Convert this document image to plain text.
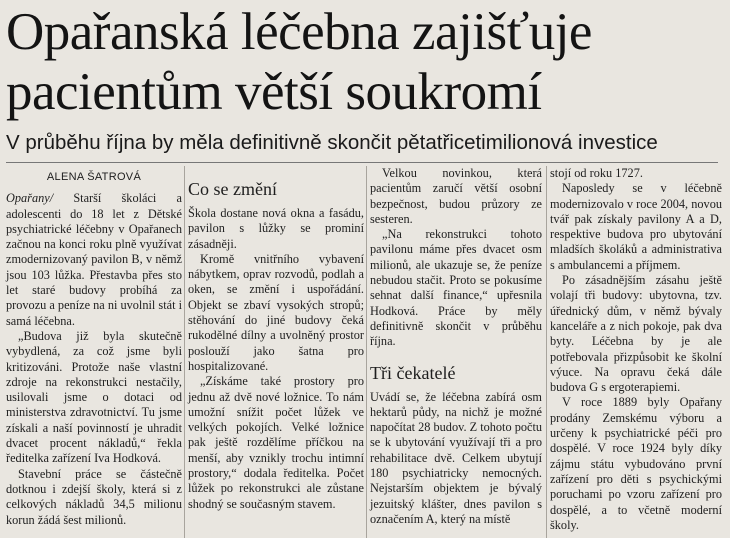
Opařanská léčebna zajišťuje
pacientům větší soukromí

V průběhu října by měla definitivně skončit pětatřicetimilionová investice

ALENA ŠATROVÁ

Opařany/ Starší školáci a adolescenti do 18 let z Dětské psychiatrické léčebny v Opařanech začnou na konci roku plně využívat zmodernizovaný pavilon B, v němž jsou 103 lůžka. Přestavba přes sto let staré budovy probíhá za provozu a peníze na ni uvolnil stát i samá léčebna.

„Budova již byla skutečně vybydlená, za což jsme byli kritizováni. Protože naše vlastní zdroje na rekonstrukci nestačily, usilovali jsme o dotaci od ministerstva zdravotnictví. Tu jsme získali a naší povinností je uhradit dvacet procent nákladů,“ řekla ředitelka zařízení Iva Hodková.

Stavební práce se částečně dotknou i zdejší školy, která si z celkových nákladů 34,5 milionu korun žádá šest milionů.

Co se změní

Škola dostane nová okna a fasádu, pavilon s lůžky se prominí zásadněji.

Kromě vnitřního vybavení nábytkem, oprav rozvodů, podlah a oken, se změní i uspořádání. Objekt se zbaví vysokých stropů; stěhování do jiné budovy čeká rukodělné dílny a uvolněný prostor poslouží jako šatna pro hospitalizované.

„Získáme také prostory pro jednu až dvě nové ložnice. To nám umožní snížit počet lůžek ve velkých pokojích. Velké ložnice pak ještě rozdělíme příčkou na menší, aby vznikly trochu intimní prostory,“ dodala ředitelka. Počet lůžek po rekonstrukci ale zůstane shodný se současným stavem.

Velkou novinkou, která pacientům zaručí větší osobní bezpečnost, budou průzory ze sesteren.

„Na rekonstrukci tohoto pavilonu máme přes dvacet osm milionů, ale ukazuje se, že peníze nebudou stačit. Proto se pokusíme sehnat další finance,“ upřesnila Hodková. Práce by měly definitivně skončit v průběhu října.

Tři čekatelé

Uvádí se, že léčebna zabírá osm hektarů půdy, na nichž je možné napočítat 28 budov. Z tohoto počtu se k ubytování využívají tři a pro rehabilitace dvě. Celkem ubytují 180 psychiatricky nemocných. Nejstarším objektem je bývalý jezuitský klášter, dnes pavilon s označením A, který na místě

stojí od roku 1727.

Naposledy se v léčebně modernizovalo v roce 2004, novou tvář pak získaly pavilony A a D, respektive budova pro ubytování mladších školáků a administrativa s ambulancemi a příjmem.

Po zásadnějším zásahu ještě volají tři budovy: ubytovna, tzv. úřednický dům, v němž bývaly kanceláře a z nich pokoje, pak dva byty. Léčebna by je ale potřebovala přizpůsobit ke školní výuce. Na opravu čeká dále budova G s ergoterapiemi.

V roce 1889 byly Opařany prodány Zemskému výboru a určeny k psychiatrické péči pro dospělé. V roce 1924 byly díky zájmu státu vybudováno první zařízení pro děti s psychickými poruchami po vzoru zařízení pro dospělé, a to včetně moderní školy.
